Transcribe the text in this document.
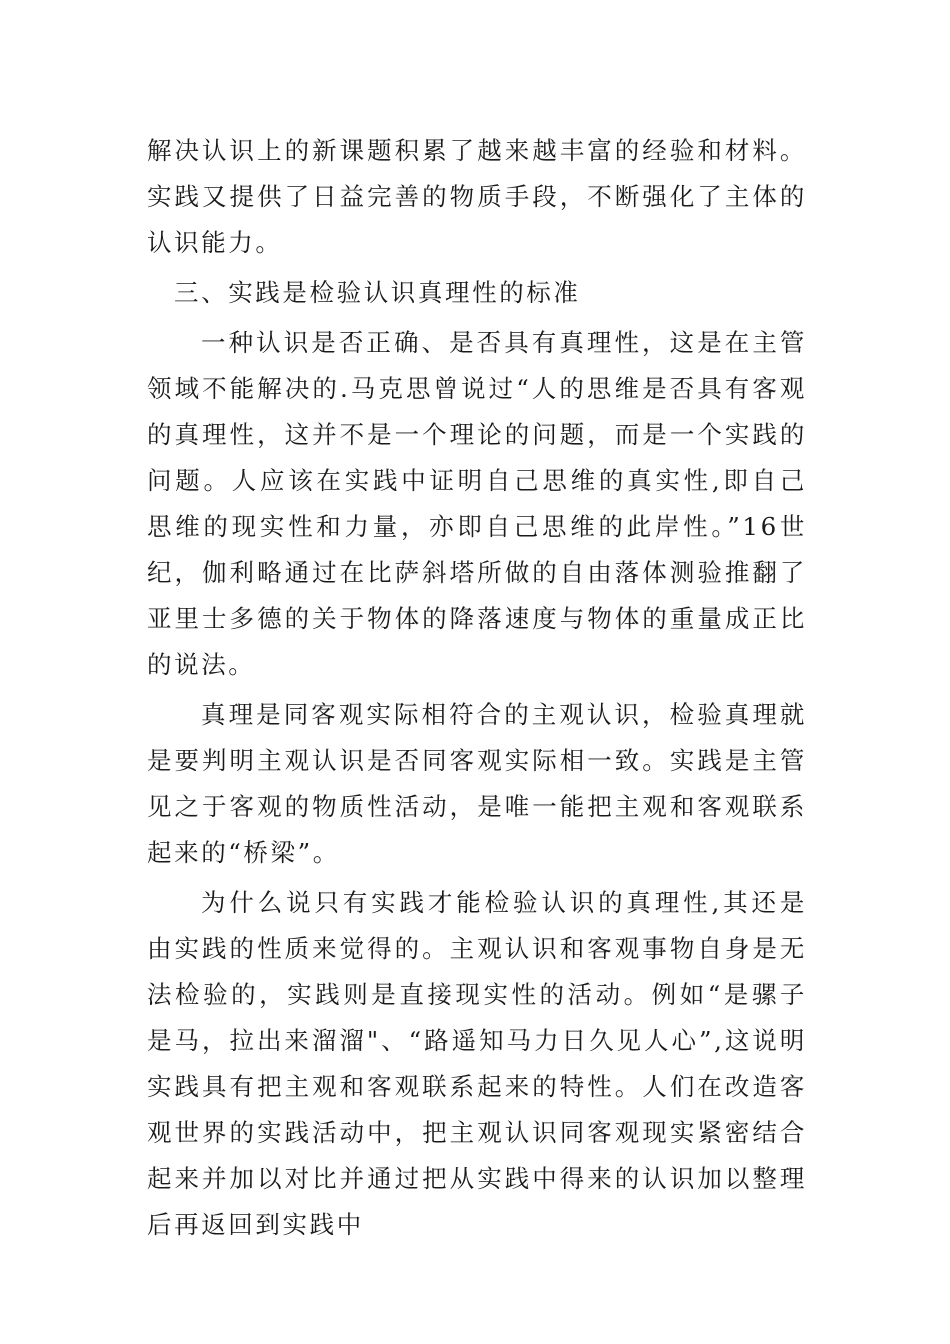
解决认识上的新课题积累了越来越丰富的经验和材料。实践又提供了日益完善的物质手段，不断强化了主体的认识能力。

三、实践是检验认识真理性的标准

一种认识是否正确、是否具有真理性，这是在主管领域不能解决的.马克思曾说过“人的思维是否具有客观的真理性，这并不是一个理论的问题，而是一个实践的问题。人应该在实践中证明自己思维的真实性,即自己思维的现实性和力量，亦即自己思维的此岸性。”16世纪，伽利略通过在比萨斜塔所做的自由落体测验推翻了亚里士多德的关于物体的降落速度与物体的重量成正比的说法。

真理是同客观实际相符合的主观认识，检验真理就是要判明主观认识是否同客观实际相一致。实践是主管见之于客观的物质性活动，是唯一能把主观和客观联系起来的“桥梁”。

为什么说只有实践才能检验认识的真理性,其还是由实践的性质来觉得的。主观认识和客观事物自身是无法检验的，实践则是直接现实性的活动。例如“是骡子是马，拉出来溜溜"、“路遥知马力日久见人心”,这说明实践具有把主观和客观联系起来的特性。人们在改造客观世界的实践活动中，把主观认识同客观现实紧密结合起来并加以对比并通过把从实践中得来的认识加以整理后再返回到实践中
